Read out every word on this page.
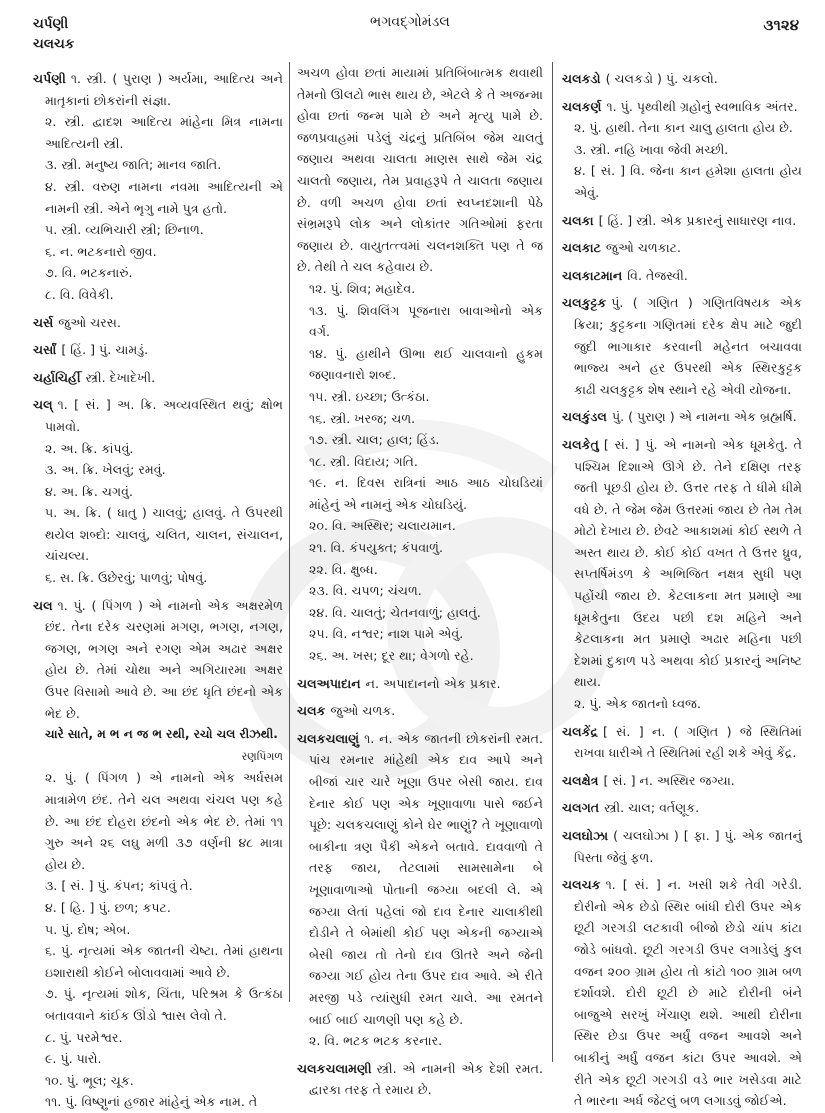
ચર્પણી
ચલચક
ભગવદ્ગોમંડલ	૩૧૨૪

ચર્પણી ૧. સ્ત્રી. ( પુરાણ ) અર્યમા, આદિત્ય અને માતૃકાનાં છોકરાંની સંજ્ઞા.

૨. સ્ત્રી. દ્વાદશ આદિત્ય માંહેના મિત્ર નામના આદિત્યની સ્ત્રી.

૩. સ્ત્રી. મનુષ્ય જાતિ; માનવ જાતિ.

૪. સ્ત્રી. વરુણ નામના નવમા આદિત્યની એ નામની સ્ત્રી. એને ભૃગુ નામે પુત્ર હતો.

૫. સ્ત્રી. વ્યભિચારી સ્ત્રી; છિનાળ.

૬. ન. ભટકનારો જીવ.

૭. વિ. ભટકનારું.

૮. વિ. વિવેકી.

ચર્સ જુઓ ચરસ.

ચર્સાં [ હિં. ] પું. ચામડું.

ચર્હાચિર્હી સ્ત્રી. દેખાદેખી.

ચલ્ ૧. [ સં. ] અ. ક્રિ. અવ્યવસ્થિત થવું; ક્ષોભ પામવો.

૨. અ. ક્રિ. કાંપવું.

૩. અ. ક્રિ. ખેલવું; રમવું.

૪. અ. ક્રિ. ચગવું.

૫. અ. ક્રિ. ( ધાતુ ) ચાલવું; હાલવું. તે ઉપરથી થયેલ શબ્દો: ચાલવું, ચલિત, ચાલન, સંચાલન, ચાંચલ્ય.

૬. સ. ક્રિ. ઉછેરવું; પાળવું; પોષવું.

ચલ ૧. પું. ( પિંગળ ) એ નામનો એક અક્ષરમેળ છંદ. તેના દરેક ચરણમાં મગણ, ભગણ, નગણ, જગણ, ભગણ અને રગણ એમ અઢાર અક્ષર હોય છે. તેમાં ચોથા અને અગિયારમા અક્ષર ઉપર વિસામો આવે છે. આ છંદ ધૃતિ છંદનો એક ભેદ છે.

ચારે સાતે, મ ભ ન જ ભ રથી, રચો ચલ રીઝથી.

રણપિંગળ

૨. પું. ( પિંગળ ) એ નામનો એક અર્ધસમ માત્રામેળ છંદ. તેને ચલ અથવા ચંચલ પણ કહે છે. આ છંદ દોહરા છંદનો એક ભેદ છે. તેમાં ૧૧ ગુરુ અને ૨૬ લઘુ મળી ૩૭ વર્ણની ૪૮ માત્રા હોય છે.

૩. [ સં. ] પું. કંપન; કાંપવું તે.

૪. [ હિ. ] પું. છળ; કપટ.

૫. પું. દોષ; એબ.

૬. પું. નૃત્યમાં એક જાતની ચેષ્ટા. તેમાં હાથના ઇશારાથી કોઈને બોલાવવામાં આવે છે.

૭. પું. નૃત્યમાં શોક, ચિંતા, પરિશ્રમ કે ઉત્કંઠા બતાવવાને કાંઈક ઊંડો શ્વાસ લેવો તે.

૮. પું. પરમેશ્વર.

૯. પું. પારો.

૧૦. પું. ભૂલ; ચૂક.

૧૧. પું. વિષ્ણુનાં હજાર માંહેનું એક નામ. તે

અચળ હોવા છતાં માયામાં પ્રતિબિંબાત્મક થવાથી તેમનો ઊલટો ભાસ થાય છે, એટલે કે તે અજન્મા હોવા છતાં જન્મ પામે છે અને મૃત્યુ પામે છે. જળપ્રવાહમાં પડેલું ચંદ્રનું પ્રતિબિંબ જેમ ચાલતું જણાય અથવા ચાલતા માણસ સાથે જેમ ચંદ્ર ચાલતો જણાય, તેમ પ્રવાહરૂપે તે ચાલતા જણાય છે. વળી અચળ હોવા છતાં સ્વપ્નદશાની પેઠે સંભ્રમરૂપે લોક અને લોકાંતર ગતિઓમાં ફરતા જણાય છે. વાયુતત્ત્વમાં ચલનશક્તિ પણ તે જ છે. તેથી તે ચલ કહેવાય છે.

૧૨. પું. શિવ; મહાદેવ.

૧૩. પું. શિવલિંગ પૂજનારા બાવાઓનો એક વર્ગ.

૧૪. પું. હાથીને ઊભા થઈ ચાલવાનો હુકમ જણાવનારો શબ્દ.

૧૫. સ્ત્રી. ઇચ્છા; ઉત્કંઠા.

૧૬. સ્ત્રી. ખરજ; ચળ.

૧૭. સ્ત્રી. ચાલ; હાલ; હિંડ.

૧૮. સ્ત્રી. વિદાય; ગતિ.

૧૯. ન. દિવસ રાત્રિનાં આઠ આઠ ચોઘડિયાં માંહેનું એ નામનું એક ચોઘડિયું.

૨૦. વિ. અસ્થિર; ચલાયમાન.

૨૧. વિ. કંપયુક્ત; કંપવાળું.

૨૨. વિ. ક્ષુબ્ધ.

૨૩. વિ. ચપળ; ચંચળ.

૨૪. વિ. ચાલતું; ચેતનવાળું; હાલતું.

૨૫. વિ. નશ્વર; નાશ પામે એવું.

૨૬. અ. ખસ; દૂર થા; વેગળો રહે.

ચલઅપાદાન ન. અપાદાનનો એક પ્રકાર.

ચલક જુઓ ચળક.

ચલકચલાણું ૧. ન. એક જાતની છોકરાંની રમત. પાંચ રમનાર માંહેથી એક દાવ આપે અને બીજાં ચાર ચારે ખૂણા ઉપર બેસી જાય. દાવ દેનાર કોઈ પણ એક ખૂણાવાળા પાસે જઈને પૂછે: ચલકચલાણું કોને ઘેર ભાણું? તે ખૂણાવાળો બાકીના ત્રણ પૈકી એકને બતાવે. દાવવાળો તે તરફ જાય, તેટલામાં સામસામેના બે ખૂણાવાળાઓ પોતાની જગ્યા બદલી લે. એ જગ્યા લેતાં પહેલાં જો દાવ દેનાર ચાલાકીથી દોડીને તે બેમાંથી કોઈ પણ એકની જગ્યાએ બેસી જાય તો તેનો દાવ ઊતરે અને જેની જગ્યા ગઈ હોય તેના ઉપર દાવ આવે. એ રીતે મરજી પડે ત્યાંસુધી રમત ચાલે. આ રમતને બાઈ બાઈ ચાળણી પણ કહે છે.

૨. વિ. ભટક ભટક કરનાર.

ચલકચલામણી સ્ત્રી. એ નામની એક દેશી રમત. દ્વારકા તરફ તે રમાય છે.

ચલકડો ( ચલકડો ) પું. ચકલો.

ચલકર્ણ ૧. પું. પૃથ્વીથી ગ્રહોનું સ્વભાવિક અંતર.

૨. પું. હાથી. તેના કાન ચાલુ હાલતા હોય છે.

૩. સ્ત્રી. નહિ ખાવા જેવી મચ્છી.

૪. [ સં. ] વિ. જેના કાન હમેશા હાલતા હોય એવું.

ચલકા [ હિં. ] સ્ત્રી. એક પ્રકારનું સાધારણ નાવ.

ચલકાટ જુઓ ચળકાટ.

ચલકાટમાન વિ. તેજસ્વી.

ચલકુટ્ટક પું. ( ગણિત ) ગણિતવિષયક એક ક્રિયા; કુટ્ટકના ગણિતમાં દરેક ક્ષેપ માટે જુદી જુદી ભાગાકાર કરવાની મહેનત બચાવવા ભાજ્ય અને હર ઉપરથી એક સ્થિરકુટ્ટક કાઢી ચલકુટ્ટક શેષ સ્થાને રહે એવી યોજના.

ચલકુંડલ પું. ( પુરાણ ) એ નામના એક બ્રહ્મર્ષિ.

ચલકેતુ [ સં. ] પું. એ નામનો એક ધૂમકેતુ. તે પશ્ચિમ દિશાએ ઊગે છે. તેને દક્ષિણ તરફ જતી પૂછડી હોય છે. ઉત્તર તરફ તે ધીમે ધીમે વધે છે. તે જેમ જેમ ઉત્તરમાં જાય છે તેમ તેમ મોટો દેખાય છે. છેવટે આકાશમાં કોઈ સ્થળે તે અસ્ત થાય છે. કોઈ કોઈ વખત તે ઉત્તર ધ્રુવ, સપ્તર્ષિમંડળ કે અભિજિત નક્ષત્ર સુધી પણ પહોંચી જાય છે. કેટલાકના મત પ્રમાણે આ ધૂમકેતુના ઉદય પછી દશ મહિને અને કેટલાકના મત પ્રમાણે અઢાર મહિના પછી દેશમાં દુકાળ પડે અથવા કોઈ પ્રકારનું અનિષ્ટ થાય.

૨. પું. એક જાતનો ધ્વજ.

ચલકેંદ્ર [ સં. ] ન. ( ગણિત ) જે સ્થિતિમાં રાખવા ધારીએ તે સ્થિતિમાં રહી શકે એવું કેંદ્ર.

ચલક્ષેત્ર [ સં. ] ન. અસ્થિર જગ્યા.

ચલગત સ્ત્રી. ચાલ; વર્તણૂક.

ચલઘોઝા ( ચલઘોઝા ) [ ફા. ] પું. એક જાતનું પિસ્તા જેવું ફળ.

ચલચક ૧. [ સં. ] ન. ખસી શકે તેવી ગરેડી. દોરીનો એક છેડો સ્થિર બાંધી દોરી ઉપર એક છૂટી ગરગડી લટકાવી બીજો છેડો ચાંપ કાંટા જોડે બાંધવો. છૂટી ગરગડી ઉપર લગાડેલું કુલ વજન ૨૦૦ ગ્રામ હોય તો કાંટો ૧૦૦ ગ્રામ બળ દર્શાવશે. દોરી છૂટી છે માટે દોરીની બંને બાજુએ સરખું ખેંચાણ થશે. આથી દોરીના સ્થિર છેડા ઉપર અર્ધું વજન આવશે અને બાકીનું અર્ધું વજન કાંટા ઉપર આવશે. એ રીતે એક છૂટી ગરગડી વડે ભાર ખસેડવા માટે તે ભારના અર્ધ જેટલું બળ લગાડવું જોઈએ.
